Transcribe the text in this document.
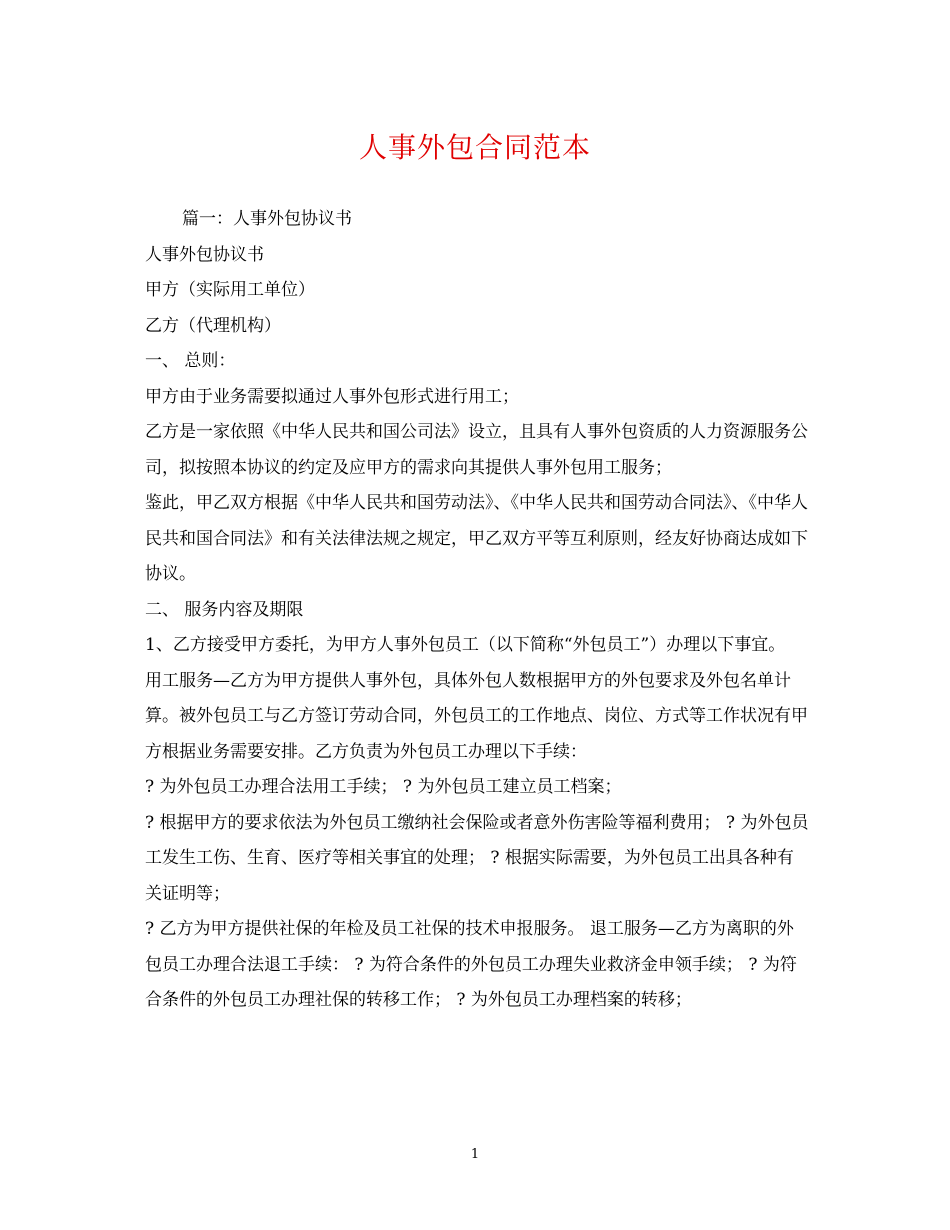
人事外包合同范本

篇一：人事外包协议书

人事外包协议书

甲方（实际用工单位）

乙方（代理机构）

一、 总则：

甲方由于业务需要拟通过人事外包形式进行用工；

乙方是一家依照《中华人民共和国公司法》设立，且具有人事外包资质的人力资源服务公司，拟按照本协议的约定及应甲方的需求向其提供人事外包用工服务；

鉴此，甲乙双方根据《中华人民共和国劳动法》、《中华人民共和国劳动合同法》、《中华人民共和国合同法》和有关法律法规之规定，甲乙双方平等互利原则，经友好协商达成如下协议。

二、 服务内容及期限

1、乙方接受甲方委托，为甲方人事外包员工（以下简称“外包员工”）办理以下事宜。

用工服务—乙方为甲方提供人事外包，具体外包人数根据甲方的外包要求及外包名单计算。被外包员工与乙方签订劳动合同，外包员工的工作地点、岗位、方式等工作状况有甲方根据业务需要安排。乙方负责为外包员工办理以下手续：

? 为外包员工办理合法用工手续； ? 为外包员工建立员工档案；

? 根据甲方的要求依法为外包员工缴纳社会保险或者意外伤害险等福利费用； ? 为外包员工发生工伤、生育、医疗等相关事宜的处理； ? 根据实际需要，为外包员工出具各种有关证明等；

? 乙方为甲方提供社保的年检及员工社保的技术申报服务。 退工服务—乙方为离职的外包员工办理合法退工手续： ? 为符合条件的外包员工办理失业救济金申领手续； ? 为符合条件的外包员工办理社保的转移工作； ? 为外包员工办理档案的转移；

1
